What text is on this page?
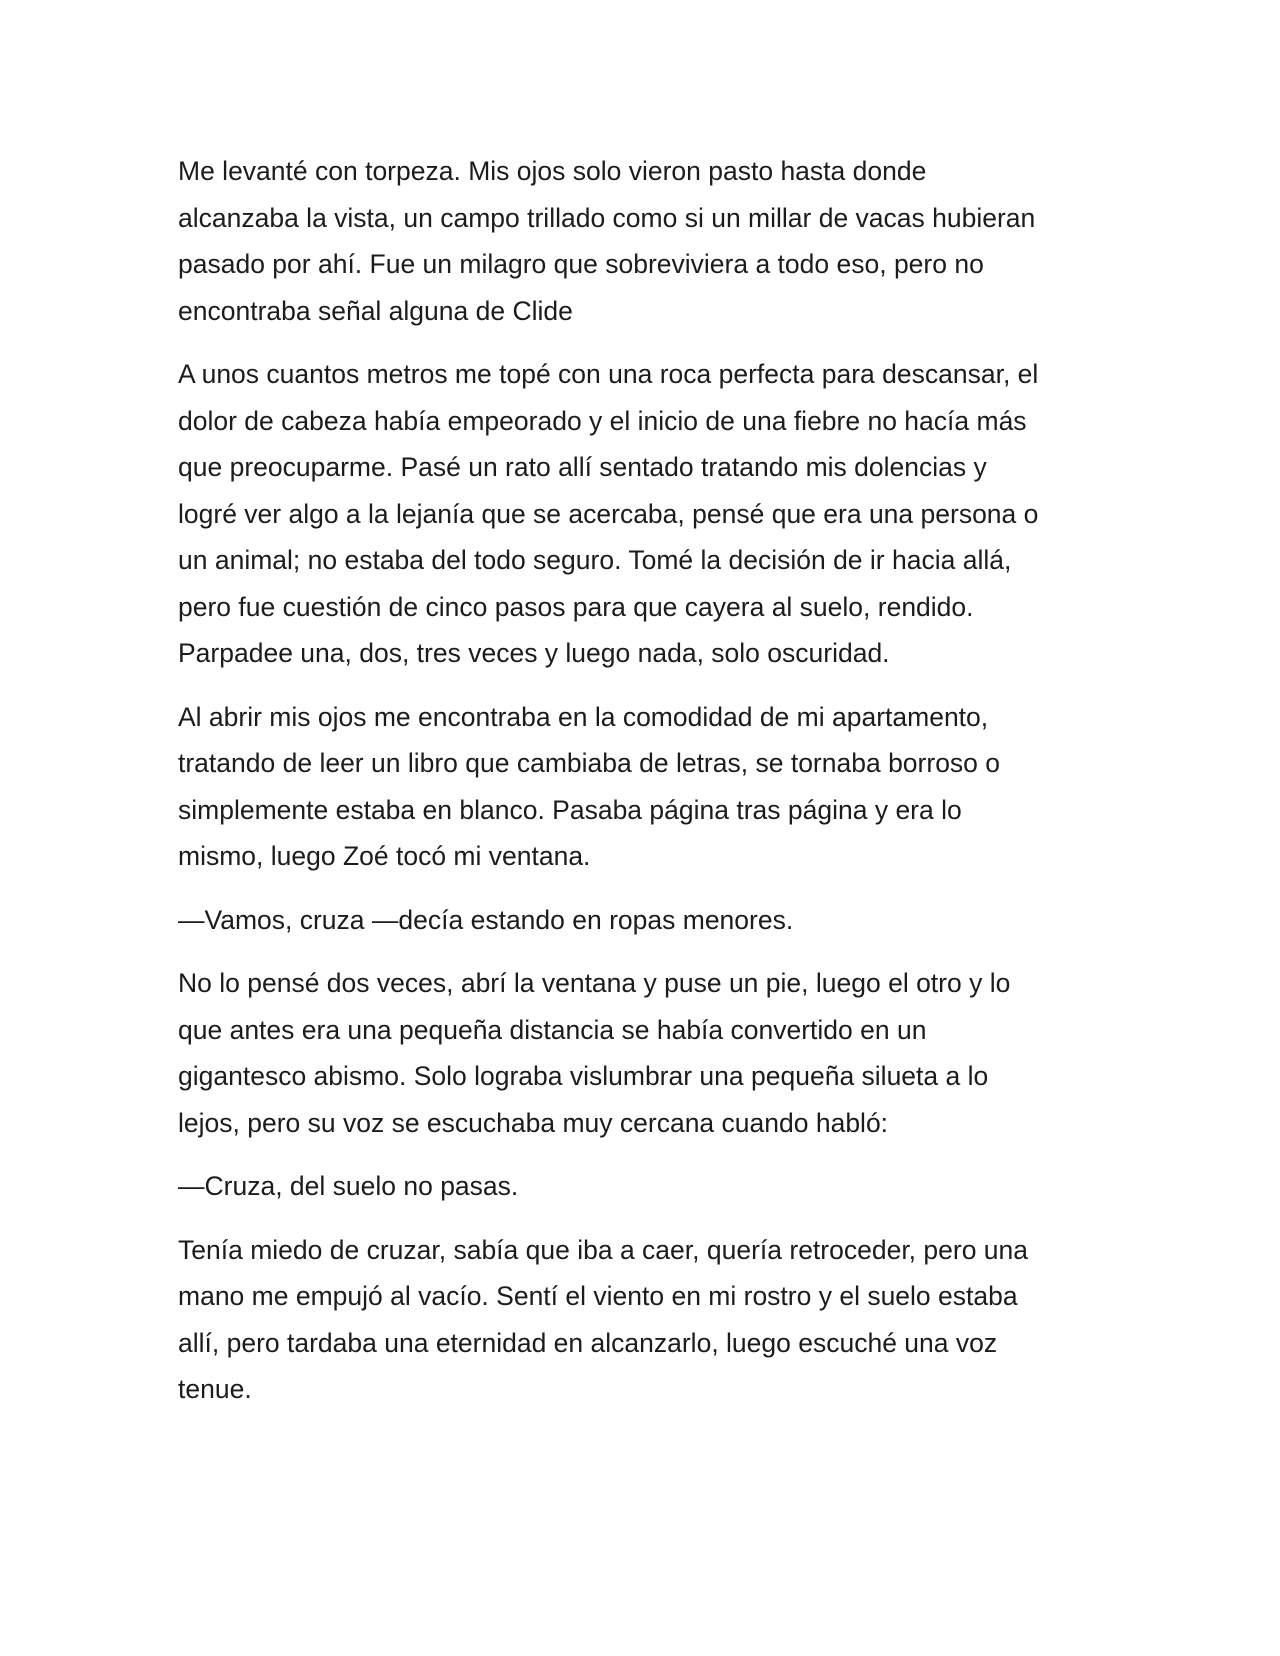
Me levanté con torpeza. Mis ojos solo vieron pasto hasta donde
alcanzaba la vista, un campo trillado como si un millar de vacas hubieran
pasado por ahí. Fue un milagro que sobreviviera a todo eso, pero no
encontraba señal alguna de Clide

A unos cuantos metros me topé con una roca perfecta para descansar, el
dolor de cabeza había empeorado y el inicio de una fiebre no hacía más
que preocuparme. Pasé un rato allí sentado tratando mis dolencias y
logré ver algo a la lejanía que se acercaba, pensé que era una persona o
un animal; no estaba del todo seguro. Tomé la decisión de ir hacia allá,
pero fue cuestión de cinco pasos para que cayera al suelo, rendido.
Parpadee una, dos, tres veces y luego nada, solo oscuridad.

Al abrir mis ojos me encontraba en la comodidad de mi apartamento,
tratando de leer un libro que cambiaba de letras, se tornaba borroso o
simplemente estaba en blanco. Pasaba página tras página y era lo
mismo, luego Zoé tocó mi ventana.

—Vamos, cruza —decía estando en ropas menores.

No lo pensé dos veces, abrí la ventana y puse un pie, luego el otro y lo
que antes era una pequeña distancia se había convertido en un
gigantesco abismo. Solo lograba vislumbrar una pequeña silueta a lo
lejos, pero su voz se escuchaba muy cercana cuando habló:

—Cruza, del suelo no pasas.

Tenía miedo de cruzar, sabía que iba a caer, quería retroceder, pero una
mano me empujó al vacío. Sentí el viento en mi rostro y el suelo estaba
allí, pero tardaba una eternidad en alcanzarlo, luego escuché una voz
tenue.
